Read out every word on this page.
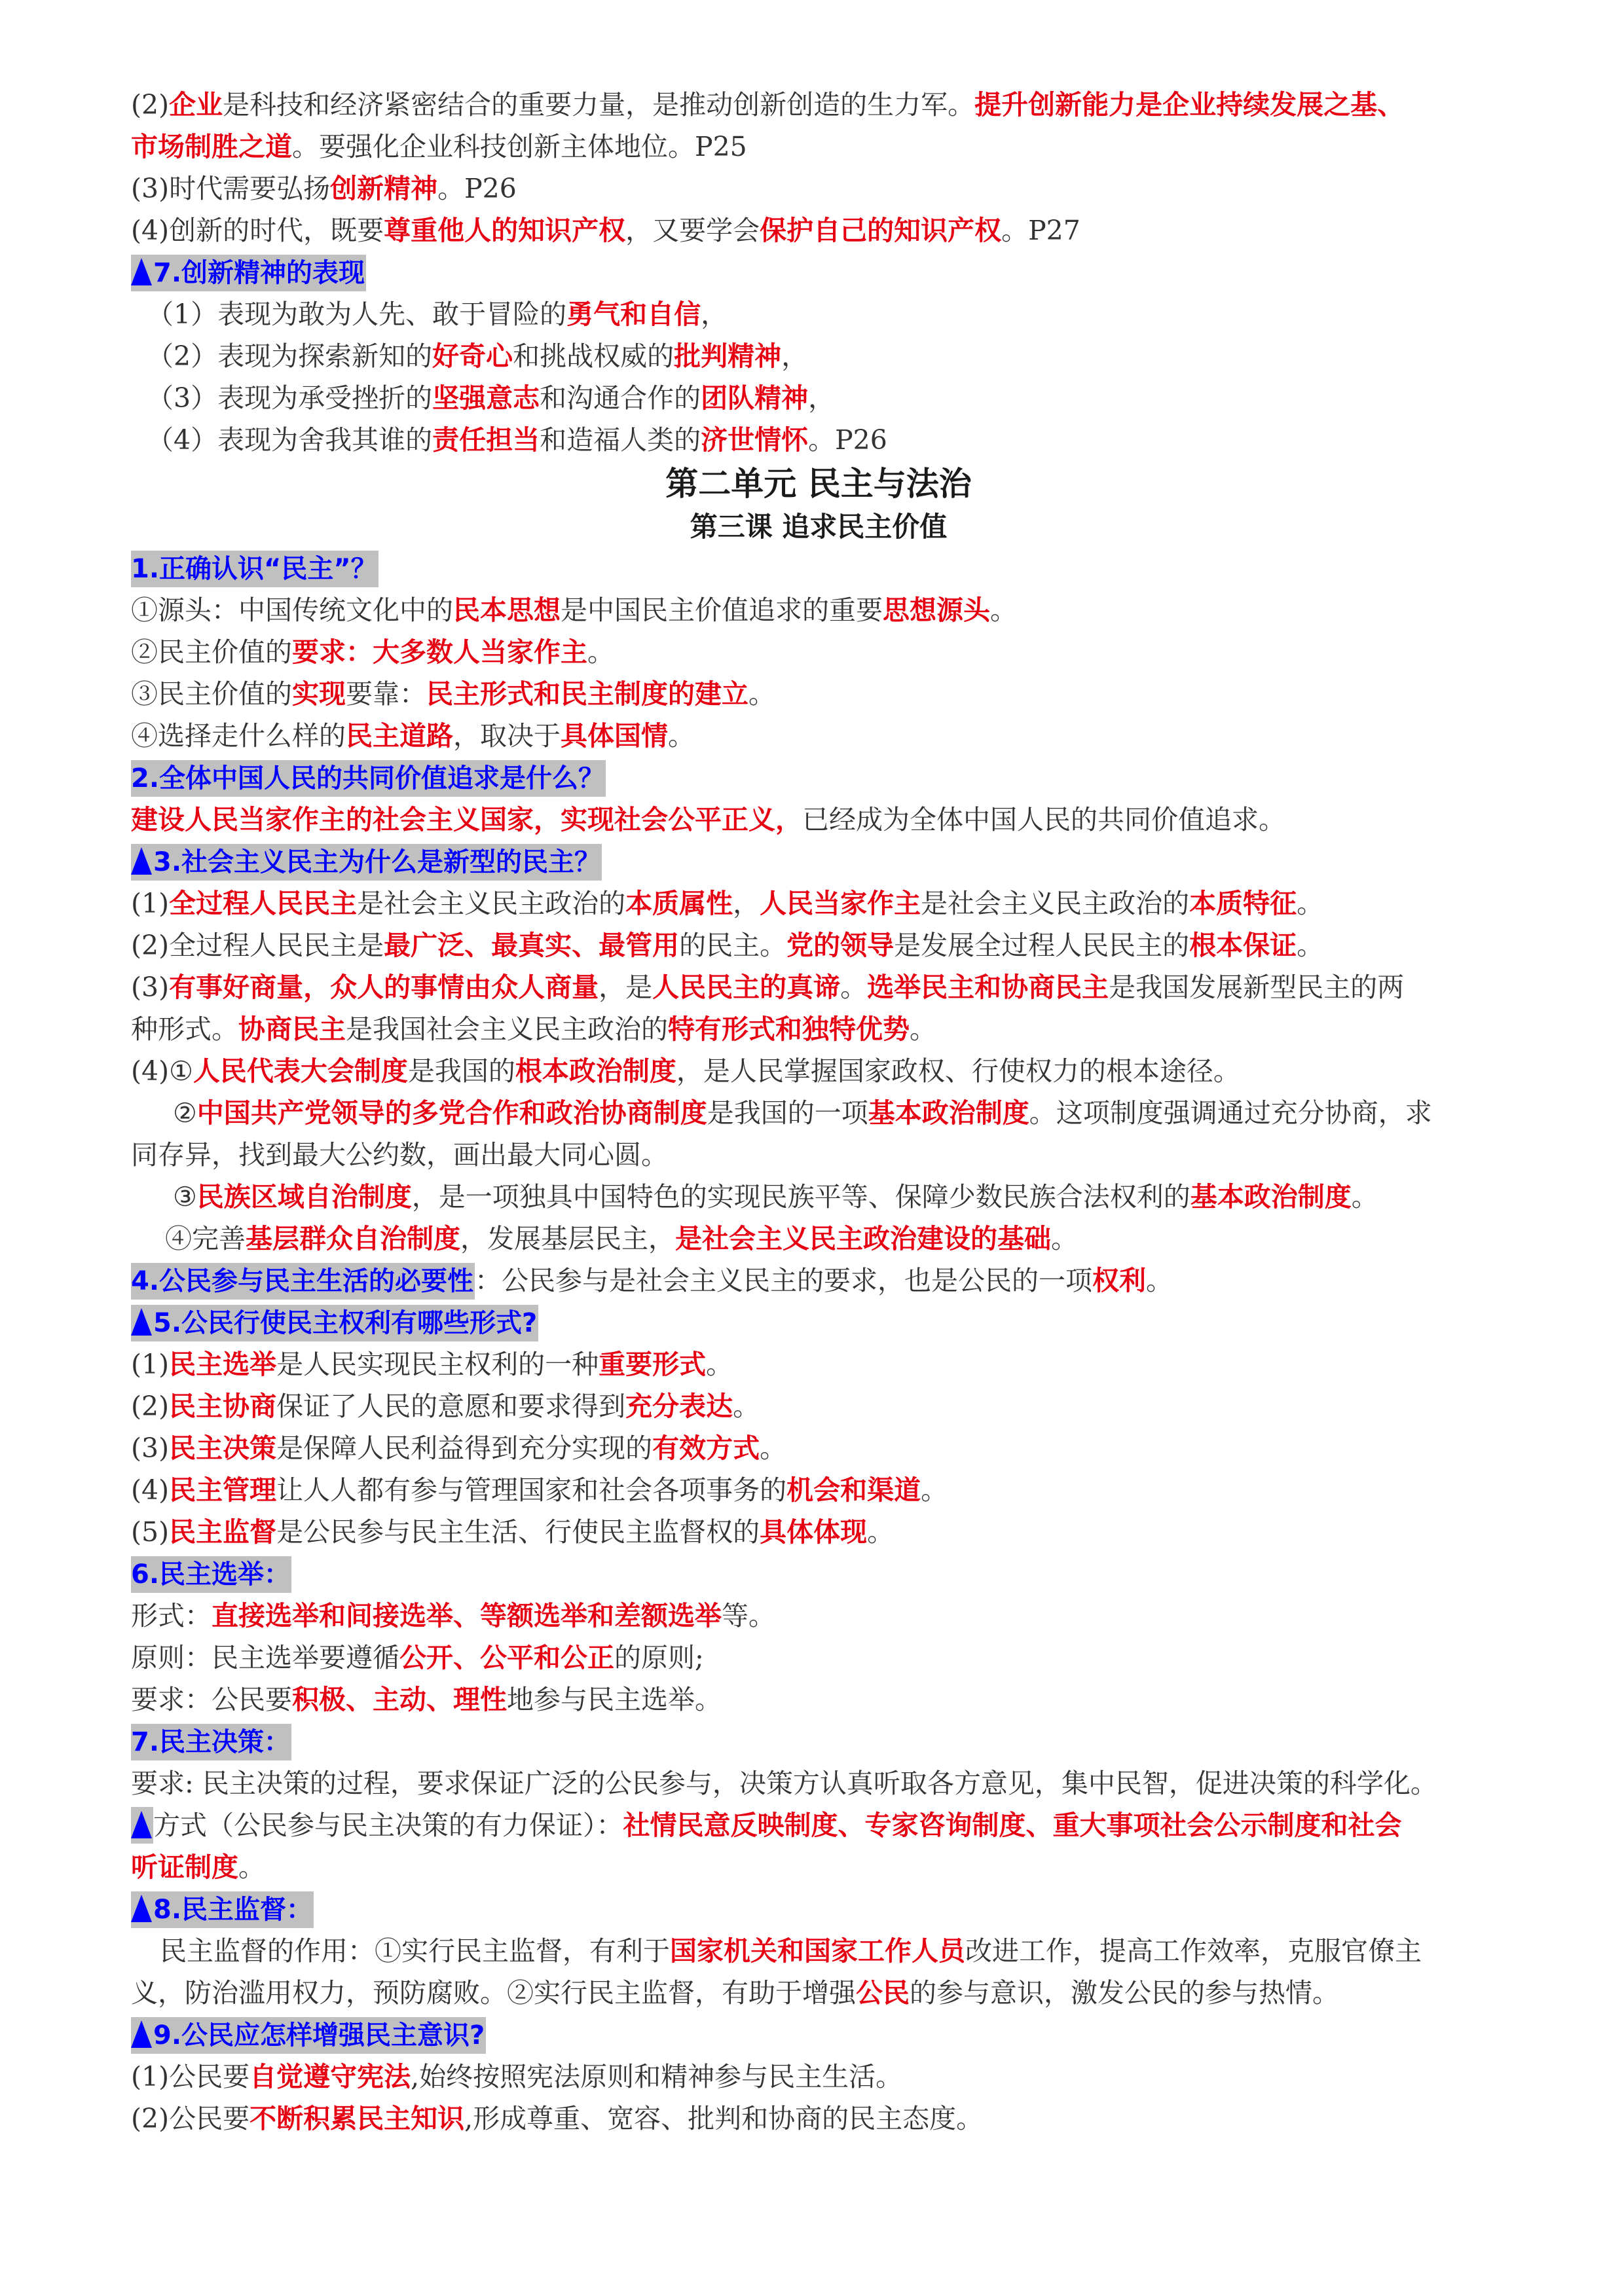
(2)企业是科技和经济紧密结合的重要力量，是推动创新创造的生力军。提升创新能力是企业持续发展之基、
市场制胜之道。要强化企业科技创新主体地位。P25
(3)时代需要弘扬创新精神。P26
(4)创新的时代，既要尊重他人的知识产权，又要学会保护自己的知识产权。P27
7.创新精神的表现
（1）表现为敢为人先、敢于冒险的勇气和自信，
（2）表现为探索新知的好奇心和挑战权威的批判精神，
（3）表现为承受挫折的坚强意志和沟通合作的团队精神，
（4）表现为舍我其谁的责任担当和造福人类的济世情怀。P26
第二单元 民主与法治
第三课 追求民主价值
1.正确认识“民主”？
①源头：中国传统文化中的民本思想是中国民主价值追求的重要思想源头。
②民主价值的要求：大多数人当家作主。
③民主价值的实现要靠：民主形式和民主制度的建立。
④选择走什么样的民主道路，取决于具体国情。
2.全体中国人民的共同价值追求是什么？
建设人民当家作主的社会主义国家，实现社会公平正义，已经成为全体中国人民的共同价值追求。
3.社会主义民主为什么是新型的民主？
(1)全过程人民民主是社会主义民主政治的本质属性，人民当家作主是社会主义民主政治的本质特征。
(2)全过程人民民主是最广泛、最真实、最管用的民主。党的领导是发展全过程人民民主的根本保证。
(3)有事好商量，众人的事情由众人商量，是人民民主的真谛。选举民主和协商民主是我国发展新型民主的两
种形式。协商民主是我国社会主义民主政治的特有形式和独特优势。
(4)①人民代表大会制度是我国的根本政治制度，是人民掌握国家政权、行使权力的根本途径。
②中国共产党领导的多党合作和政治协商制度是我国的一项基本政治制度。这项制度强调通过充分协商，求
同存异，找到最大公约数，画出最大同心圆。
③民族区域自治制度，是一项独具中国特色的实现民族平等、保障少数民族合法权利的基本政治制度。
④完善基层群众自治制度，发展基层民主，是社会主义民主政治建设的基础。
4.公民参与民主生活的必要性：公民参与是社会主义民主的要求，也是公民的一项权利。
5.公民行使民主权利有哪些形式?
(1)民主选举是人民实现民主权利的一种重要形式。
(2)民主协商保证了人民的意愿和要求得到充分表达。
(3)民主决策是保障人民利益得到充分实现的有效方式。
(4)民主管理让人人都有参与管理国家和社会各项事务的机会和渠道。
(5)民主监督是公民参与民主生活、行使民主监督权的具体体现。
6.民主选举：
形式：直接选举和间接选举、等额选举和差额选举等。
原则：民主选举要遵循公开、公平和公正的原则;
要求：公民要积极、主动、理性地参与民主选举。
7.民主决策：
要求: 民主决策的过程，要求保证广泛的公民参与，决策方认真听取各方意见，集中民智，促进决策的科学化。
方式（公民参与民主决策的有力保证）：社情民意反映制度、专家咨询制度、重大事项社会公示制度和社会
听证制度。
8.民主监督：
民主监督的作用：①实行民主监督，有利于国家机关和国家工作人员改进工作，提高工作效率，克服官僚主
义，防治滥用权力，预防腐败。②实行民主监督，有助于增强公民的参与意识，激发公民的参与热情。
9.公民应怎样增强民主意识?
(1)公民要自觉遵守宪法,始终按照宪法原则和精神参与民主生活。
(2)公民要不断积累民主知识,形成尊重、宽容、批判和协商的民主态度。
